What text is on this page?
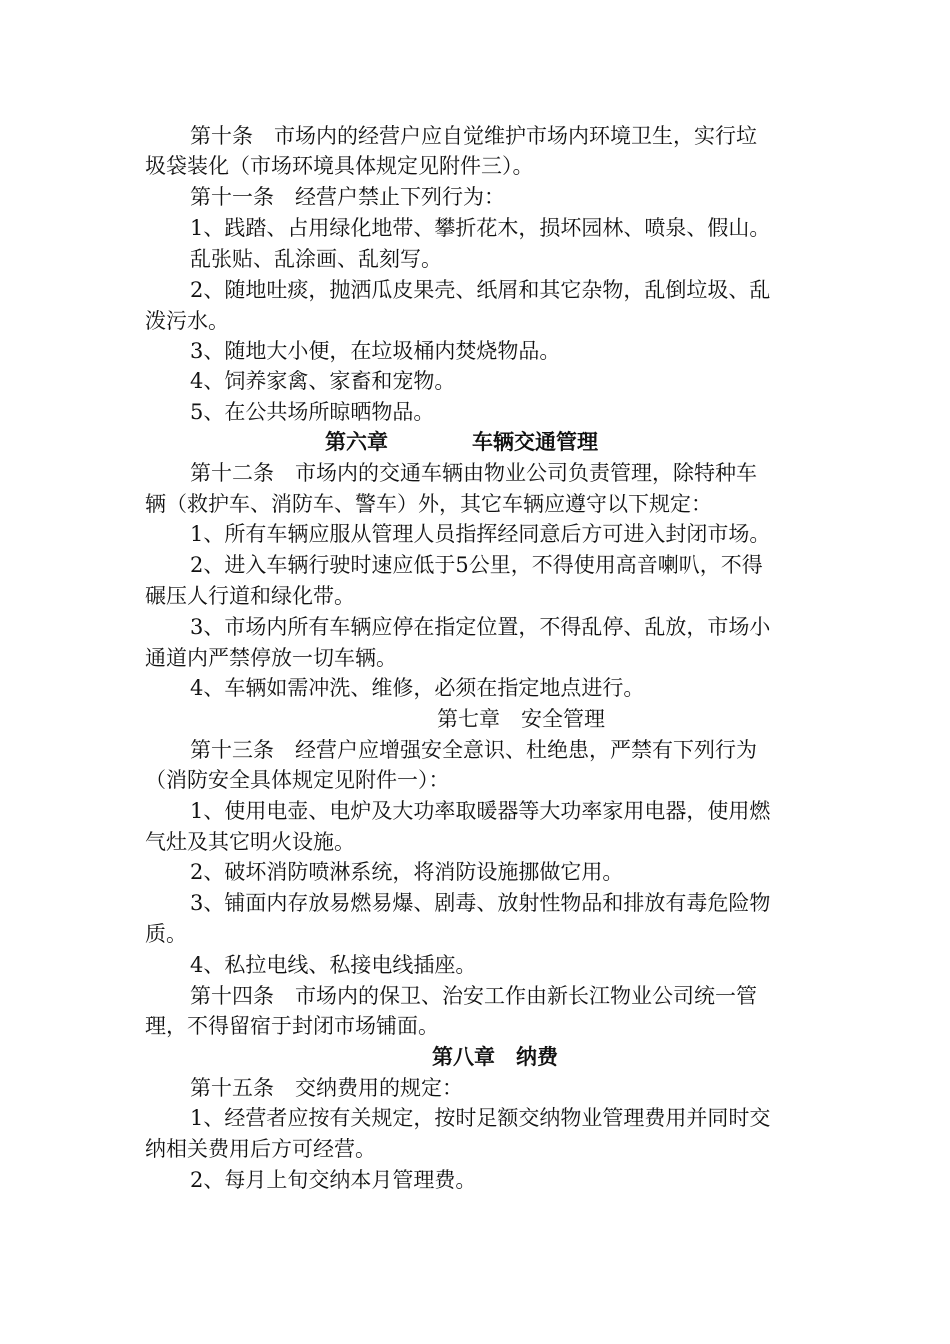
第十条　市场内的经营户应自觉维护市场内环境卫生，实行垃
圾袋装化（市场环境具体规定见附件三）。
第十一条　经营户禁止下列行为：
1、践踏、占用绿化地带、攀折花木，损坏园林、喷泉、假山。
乱张贴、乱涂画、乱刻写。
2、随地吐痰，抛洒瓜皮果壳、纸屑和其它杂物，乱倒垃圾、乱
泼污水。
3、随地大小便，在垃圾桶内焚烧物品。
4、饲养家禽、家畜和宠物。
5、在公共场所晾晒物品。
第六章　　　　车辆交通管理
第十二条　市场内的交通车辆由物业公司负责管理，除特种车
辆（救护车、消防车、警车）外，其它车辆应遵守以下规定：
1、所有车辆应服从管理人员指挥经同意后方可进入封闭市场。
2、进入车辆行驶时速应低于5公里，不得使用高音喇叭，不得
碾压人行道和绿化带。
3、市场内所有车辆应停在指定位置，不得乱停、乱放，市场小
通道内严禁停放一切车辆。
4、车辆如需冲洗、维修，必须在指定地点进行。
第七章　安全管理
第十三条　经营户应增强安全意识、杜绝患，严禁有下列行为
（消防安全具体规定见附件一）：
1、使用电壶、电炉及大功率取暖器等大功率家用电器，使用燃
气灶及其它明火设施。
2、破坏消防喷淋系统，将消防设施挪做它用。
3、铺面内存放易燃易爆、剧毒、放射性物品和排放有毒危险物
质。
4、私拉电线、私接电线插座。
第十四条　市场内的保卫、治安工作由新长江物业公司统一管
理，不得留宿于封闭市场铺面。
第八章　纳费
第十五条　交纳费用的规定：
1、经营者应按有关规定，按时足额交纳物业管理费用并同时交
纳相关费用后方可经营。
2、每月上旬交纳本月管理费。
